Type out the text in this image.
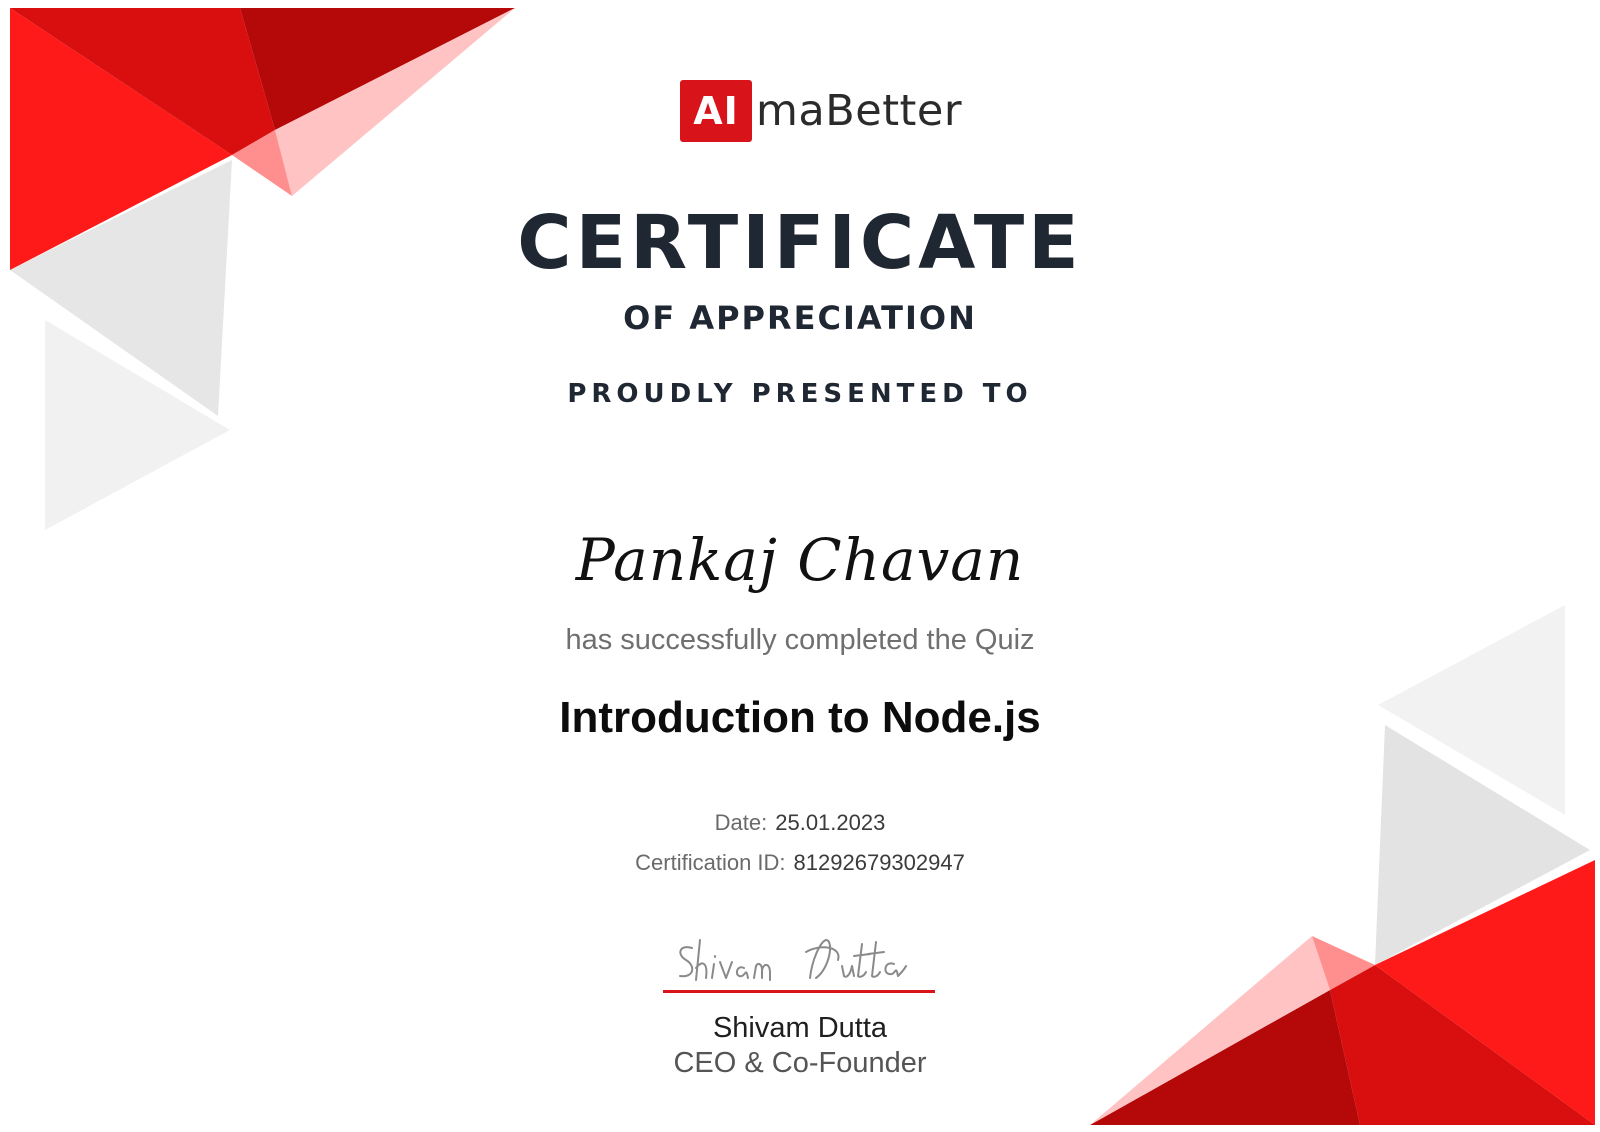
AI maBetter
CERTIFICATE
OF APPRECIATION
PROUDLY PRESENTED TO
Pankaj Chavan
has successfully completed the Quiz
Introduction to Node.js
Date: 25.01.2023
Certification ID: 81292679302947
Shivam Dutta
CEO & Co-Founder
